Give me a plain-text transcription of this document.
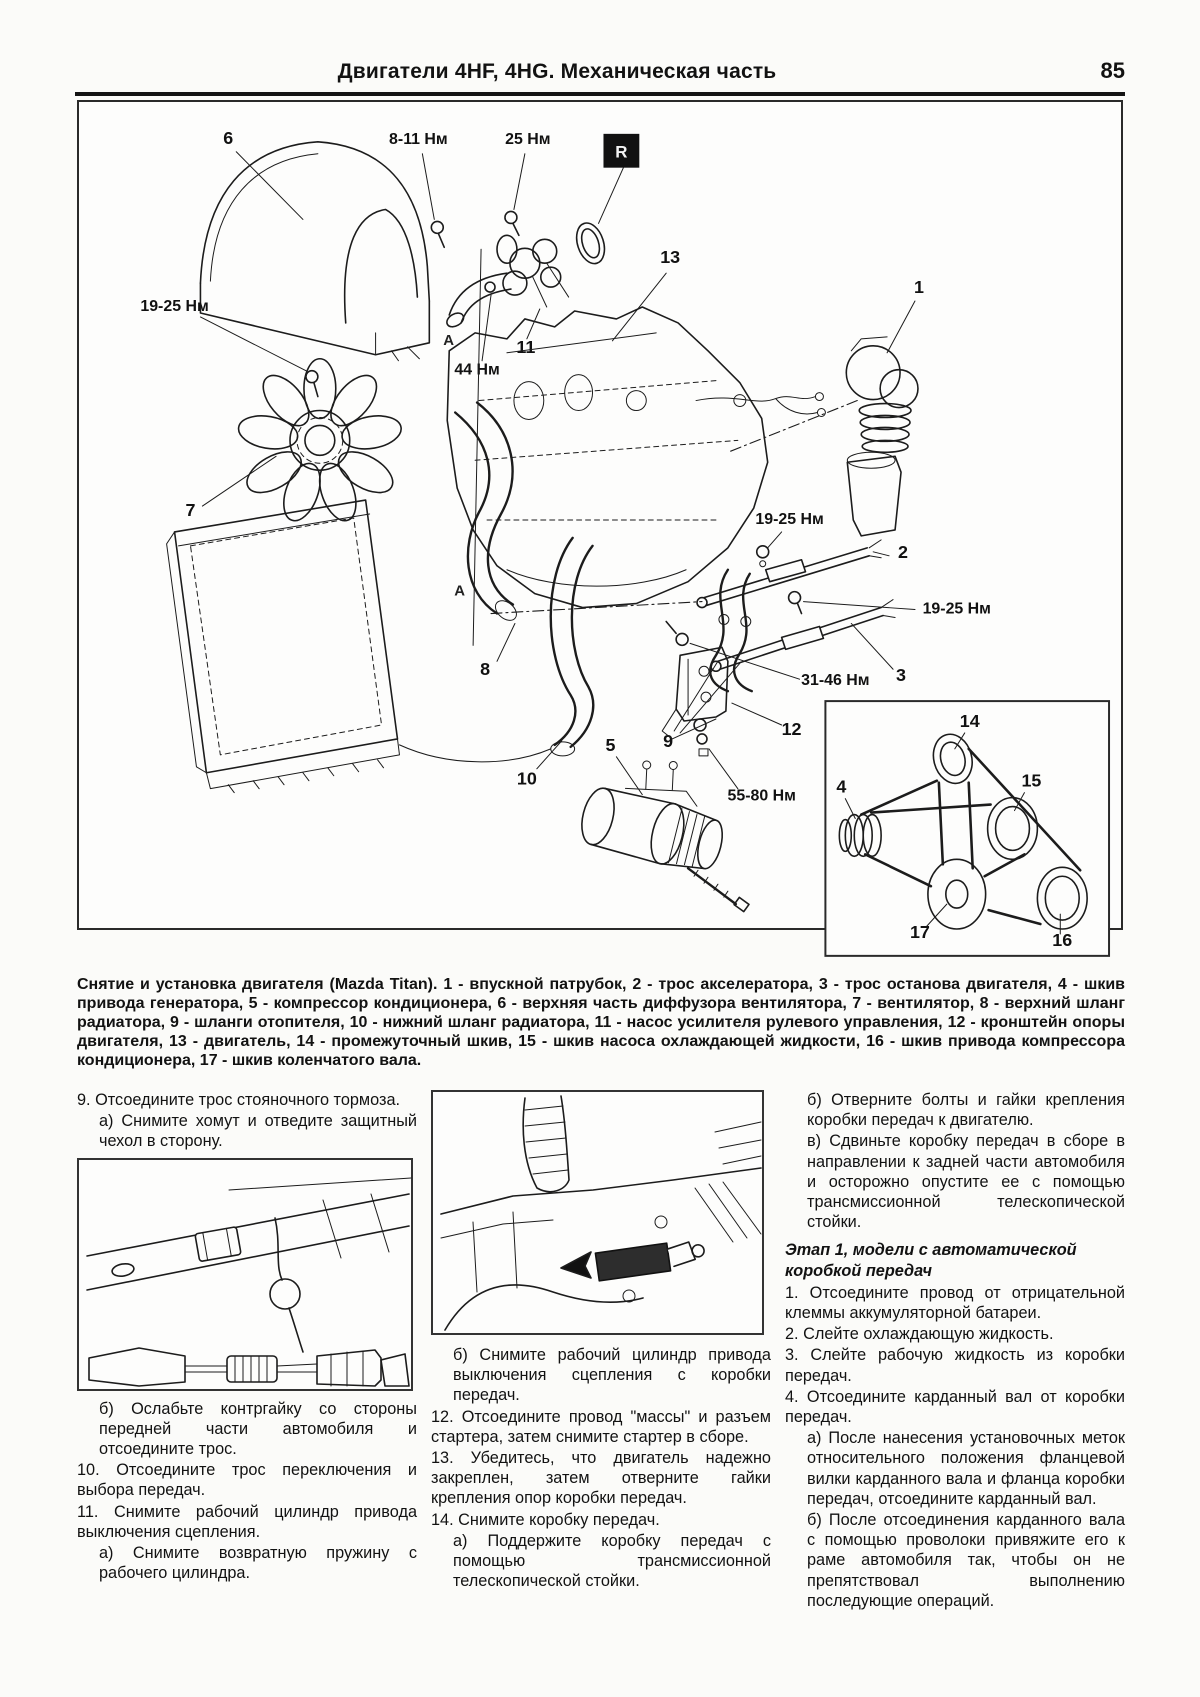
Двигатели 4HF, 4HG. Механическая часть	85
6	8-11 Нм	25 Нм
R
44 Нм
11
7
19-25 Нм
8
10
9
13
A
A
1
19-25 Нм
2
19-25 Нм
3
31-46 Нм
12
55-80 Нм
5
14
15
4
17	16
Снятие и установка двигателя (Mazda Titan). 1 - впускной патрубок, 2 - трос акселератора, 3 - трос останова двигателя, 4 - шкив привода генератора, 5 - компрессор кондиционера, 6 - верхняя часть диффузора вентилятора, 7 - вентилятор, 8 - верхний шланг радиатора, 9 - шланги отопителя, 10 - нижний шланг радиатора, 11 - насос усилителя рулевого управления, 12 - кронштейн опоры двигателя, 13 - двигатель, 14 - промежуточный шкив, 15 - шкив насоса охлаждающей жидкости, 16 - шкив привода компрессора кондиционера, 17 - шкив коленчатого вала.

9. Отсоедините трос стояночного тормоза.

а) Снимите хомут и отведите защитный чехол в сторону.

б) Ослабьте контргайку со стороны передней части автомобиля и отсоедините трос.

10. Отсоедините трос переключения и выбора передач.

11. Снимите рабочий цилиндр привода выключения сцепления.

а) Снимите возвратную пружину с рабочего цилиндра.

б) Снимите рабочий цилиндр привода выключения сцепления с коробки передач.

12. Отсоедините провод "массы" и разъем стартера, затем снимите стартер в сборе.

13. Убедитесь, что двигатель надежно закреплен, затем отверните гайки крепления опор коробки передач.

14. Снимите коробку передач.

а) Поддержите коробку передач с помощью трансмиссионной телескопической стойки.

б) Отверните болты и гайки крепления коробки передач к двигателю.

в) Сдвиньте коробку передач в сборе в направлении к задней части автомобиля и осторожно опустите ее с помощью трансмиссионной телескопической стойки.

Этап 1, модели с автоматической коробкой передач

1. Отсоедините провод от отрицательной клеммы аккумуляторной батареи.

2. Слейте охлаждающую жидкость.

3. Слейте рабочую жидкость из коробки передач.

4. Отсоедините карданный вал от коробки передач.

а) После нанесения установочных меток относительного положения фланцевой вилки карданного вала и фланца коробки передач, отсоедините карданный вал.

б) После отсоединения карданного вала с помощью проволоки привяжите его к раме автомобиля так, чтобы он не препятствовал выполнению последующие операций.
